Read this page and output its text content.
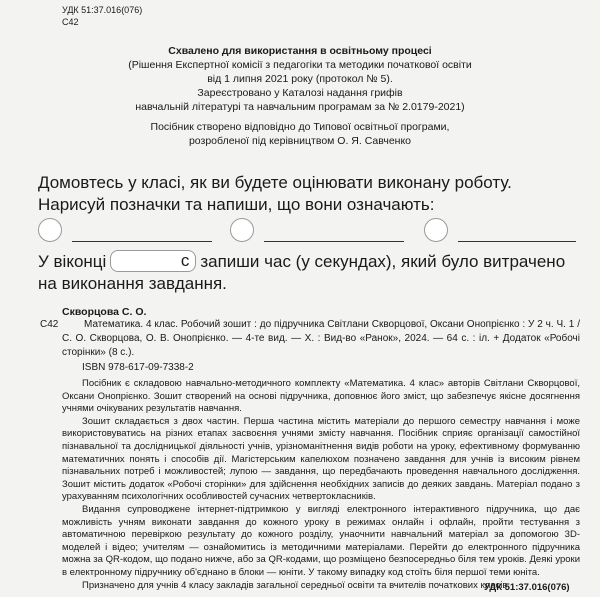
УДК 51:37.016(076)
С42
Схвалено для використання в освітньому процесі
(Рішення Експертної комісії з педагогіки та методики початкової освіти
від 1 липня 2021 року (протокол № 5).
Зареєстровано у Каталозі надання грифів
навчальній літературі та навчальним програмам за № 2.0179-2021)
Посібник створено відповідно до Типової освітньої програми,
розробленої під керівництвом О. Я. Савченко
Домовтесь у класі, як ви будете оцінювати виконану роботу.
Нарисуй позначки та напиши, що вони означають:
У віконці	с запиши час (у секундах), який було витрачено
на виконання завдання.
Скворцова С. О.
С42	Математика. 4 клас. Робочий зошит : до підручника Світлани Скворцової, Оксани Онопрієнко : У 2 ч. Ч. 1 / С. О. Скворцова, О. В. Онопрієнко. — 4-те вид. — Х. : Вид-во «Ранок», 2024. — 64 с. : іл. + Додаток «Робочі сторінки» (8 с.).
ISBN 978-617-09-7338-2

Посібник є складовою навчально-методичного комплекту «Математика. 4 клас» авторів Світлани Скворцової, Оксани Онопрієнко. Зошит створений на основі підручника, доповнює його зміст, що забезпечує якісне досягнення учнями очікуваних результатів навчання.

Зошит складається з двох частин. Перша частина містить матеріали до першого семестру навчання і може використовуватись на різних етапах засвоєння учнями змісту навчання. Посібник сприяє організації самостійної пізнавальної та дослідницької діяльності учнів, урізноманітнення видів роботи на уроку, ефективному формуванню математичних понять і способів дії. Магістерським капелюхом позначено завдання для учнів із високим рівнем пізнавальних потреб і можливостей; лупою — завдання, що передбачають проведення навчального дослідження. Зошит містить додаток «Робочі сторінки» для здійснення необхідних записів до деяких завдань. Матеріал подано з урахуванням психологічних особливостей сучасних четвертокласників.

Видання супроводжене інтернет-підтримкою у вигляді електронного інтерактивного підручника, що дає можливість учням виконати завдання до кожного уроку в режимах онлайн і офлайн, пройти тестування з автоматичною перевіркою результату до кожного розділу, унаочнити навчальний матеріал за допомогою 3D-моделей і відео; учителям — ознайомитись із методичними матеріалами. Перейти до електронного підручника можна за QR-кодом, що подано нижче, або за QR-кодами, що розміщено безпосередньо біля тем уроків. Деякі уроки в електронному підручнику об'єднано в блоки — юніти. У такому випадку код стоїть біля першої теми юніта.

Призначено для учнів 4 класу закладів загальної середньої освіти та вчителів початкових класів.

УДК 51:37.016(076)
